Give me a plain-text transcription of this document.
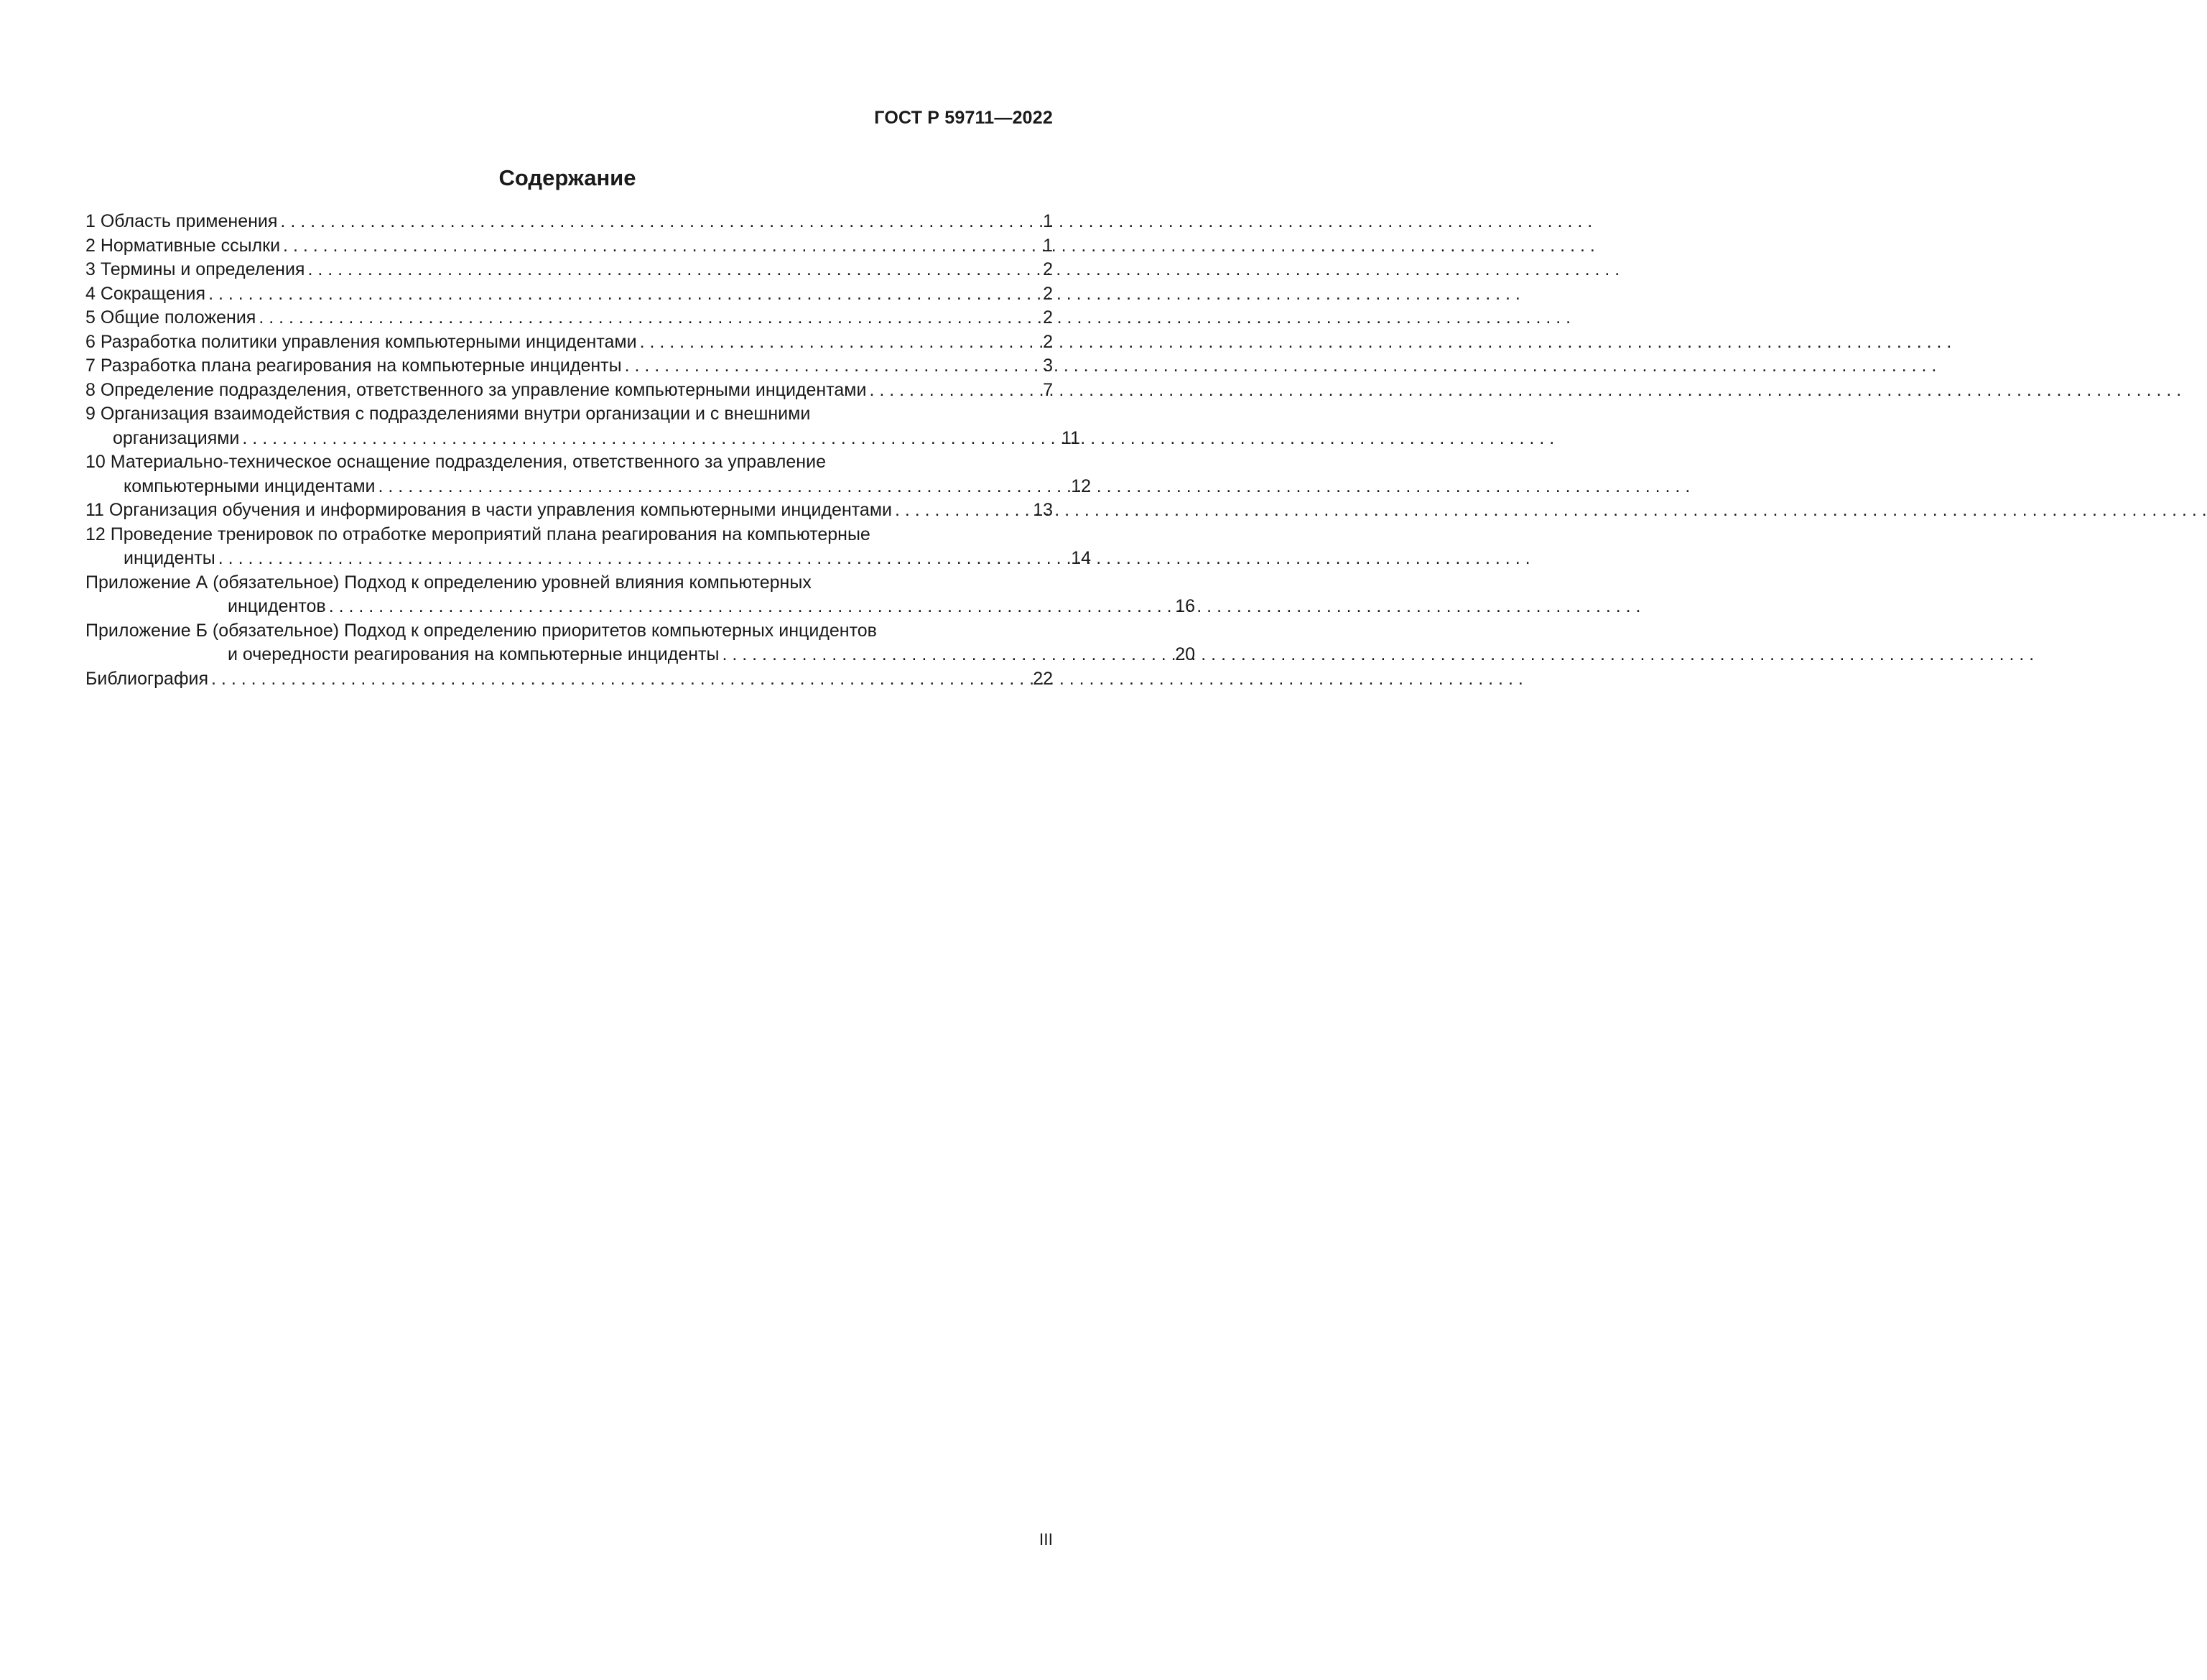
ГОСТ Р 59711—2022
Содержание
1 Область применения . . .	1
2 Нормативные ссылки . . .	1
3 Термины и определения . . .	2
4 Сокращения . . .	2
5 Общие положения . . .	2
6 Разработка политики управления компьютерными инцидентами . . .	2
7 Разработка плана реагирования на компьютерные инциденты . . .	3
8 Определение подразделения, ответственного за управление компьютерными инцидентами . . .	7
9 Организация взаимодействия с подразделениями внутри организации и с внешними
организациями . . .	11
10 Материально-техническое оснащение подразделения, ответственного за управление
компьютерными инцидентами . . .	12
11 Организация обучения и информирования в части управления компьютерными инцидентами . . .	13
12 Проведение тренировок по отработке мероприятий плана реагирования на компьютерные
инциденты . . .	14
Приложение А (обязательное) Подход к определению уровней влияния компьютерных
инцидентов . . .	16
Приложение Б (обязательное) Подход к определению приоритетов компьютерных инцидентов
и очередности реагирования на компьютерные инциденты . . .	20
Библиография . . .	22
III
